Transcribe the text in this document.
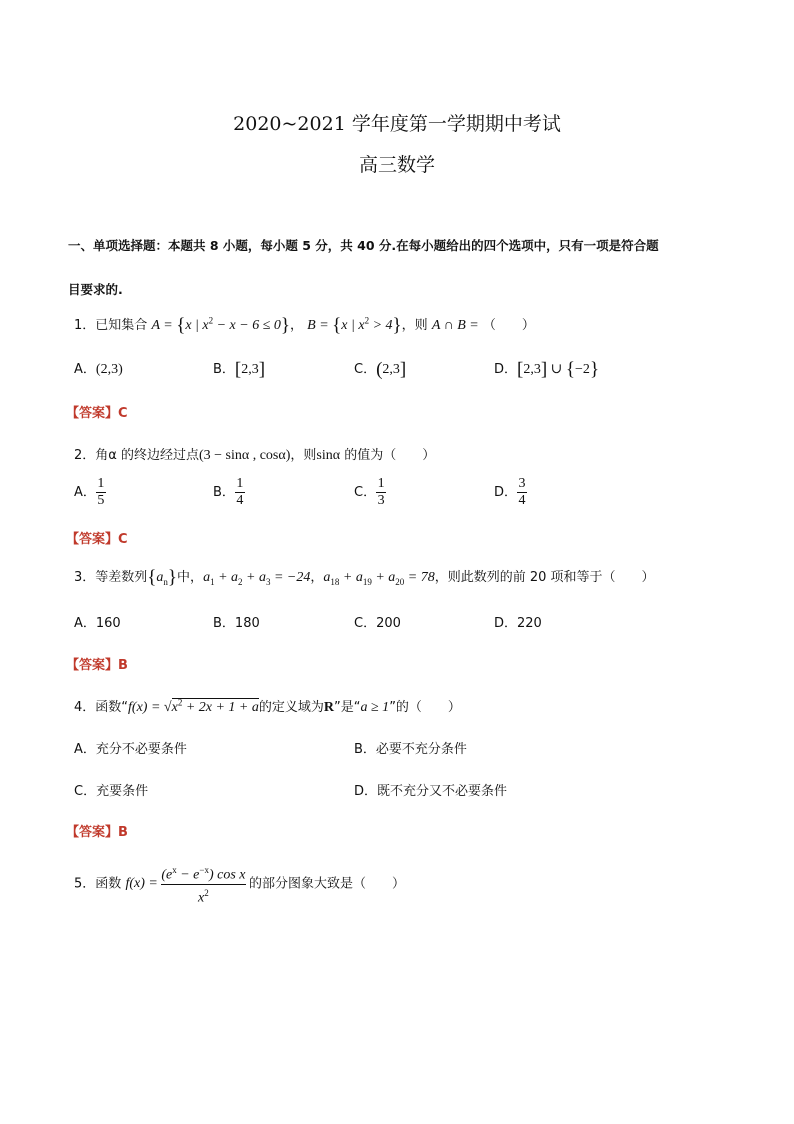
2020~2021 学年度第一学期期中考试
高三数学
一、单项选择题：本题共 8 小题，每小题 5 分，共 40 分.在每小题给出的四个选项中，只有一项是符合题
目要求的.
1．已知集合 A = {x | $x^2 - x - 6 \le 0$}， B = {x | $x^2 > 4$}，则 A ∩ B = （　　）
A．(2,3)	B．[2,3]	C．(2,3]	D．[2,3] ∪ {−2}
【答案】C
2．角α 的终边经过点(3 − sinα , cosα)，则sinα 的值为（　　）
A． $\frac{1}{5}$	B． $\frac{1}{4}$	C． $\frac{1}{3}$	D． $\frac{3}{4}$
【答案】C
3．等差数列$\{a_n\}$中，$a_1 + a_2 + a_3 = -24$，$a_{18} + a_{19} + a_{20} = 78$，则此数列的前 20 项和等于（　　）
A．160	B．180	C．200	D．220
【答案】B
4．函数“$f(x) = √x^2 + 2x + 1 + a$的定义域为R”是“a ≥ 1”的（　　）
A．充分不必要条件	B．必要不充分条件
C．充要条件	D．既不充分又不必要条件
【答案】B
5．函数 $f(x) = \frac{(e^x - e^{-x}) \cos x}{x^2}$ 的部分图象大致是（　　）
